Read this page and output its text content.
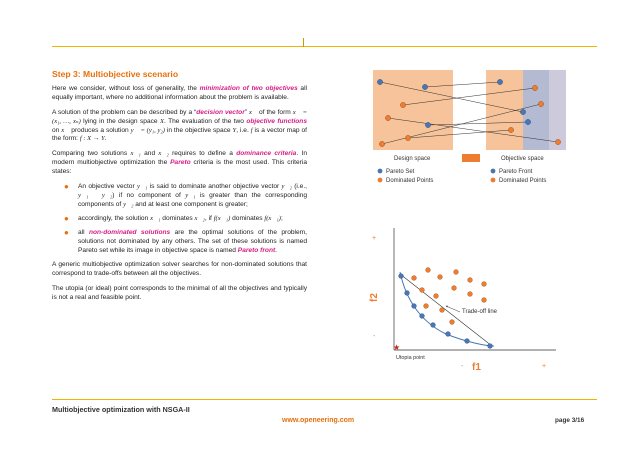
Step 3: Multiobjective scenario

Here we consider, without loss of generality, the minimization of two objectives all equally important, where no additional information about the problem is available.

A solution of the problem can be described by a “decision vector” x⃗ of the form x⃗ = (x₁, …, xₙ) lying in the design space X. The evaluation of the two objective functions on x⃗ produces a solution y⃗ = (y₁, y₂) in the objective space Y, i.e. f is a vector map of the form: f : X → Y.

Comparing two solutions x⃗₁ and x⃗₂ requires to define a dominance criteria. In modern multiobjective optimization the Pareto criteria is the most used. This criteria states:

● An objective vector y⃗₁ is said to dominate another objective vector y⃗₂ (i.e., y⃗₁ ≺ y⃗₂) if no component of y⃗₁ is greater than the corresponding components of y⃗₂ and at least one component is greater;
● accordingly, the solution x⃗₁ dominates x⃗₂, if f(x⃗₁) dominates f(x⃗₁);
● all non-dominated solutions are the optimal solutions of the problem, solutions not dominated by any others. The set of these solutions is named Pareto set while its image in objective space is named Pareto front.

A generic multiobjective optimization solver searches for non-dominated solutions that correspond to trade-offs between all the objectives.

The utopia (or ideal) point corresponds to the minimal of all the objectives and typically is not a real and feasible point.

Design space	Objective space
Pareto Set
Dominated Points
Pareto Front
Dominated Points
+
-
-	+
f2
f1
Trade-off line
★
Utopia point
Multiobjective optimization with NSGA-II
www.openeering.com	page 3/16
